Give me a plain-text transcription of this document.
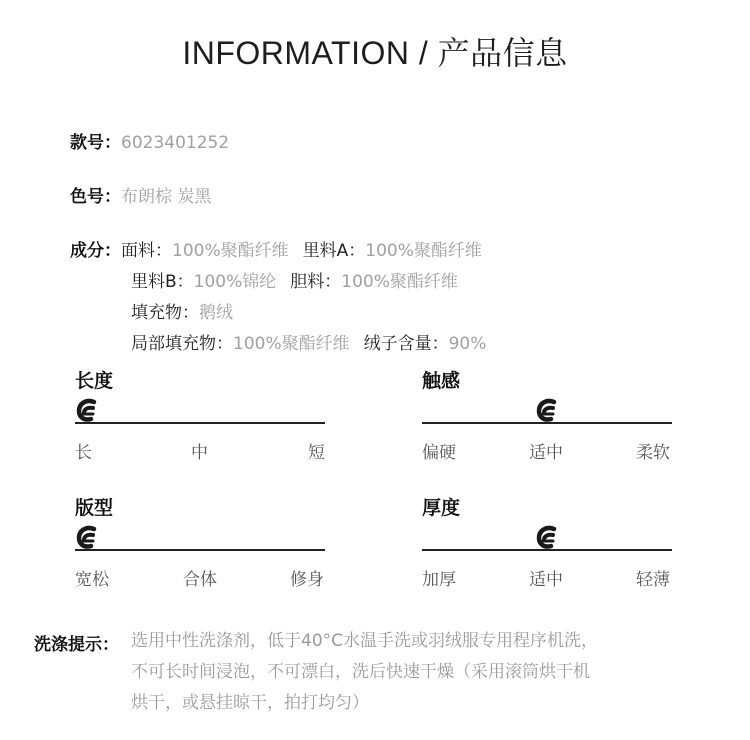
INFORMATION / 产品信息
款号：6023401252
色号：布朗棕 炭黑
成分：面料：100%聚酯纤维 里料A：100%聚酯纤维
里料B：100%锦纶 胆料：100%聚酯纤维
填充物：鹅绒
局部填充物：100%聚酯纤维 绒子含量：90%
长度
长	中	短
触感
偏硬	适中	柔软
版型
宽松	合体	修身
厚度
加厚	适中	轻薄
洗涤提示： 选用中性洗涤剂，低于40°C水温手洗或羽绒服专用程序机洗，
不可长时间浸泡，不可漂白，洗后快速干燥（采用滚筒烘干机
烘干，或悬挂晾干，拍打均匀）
